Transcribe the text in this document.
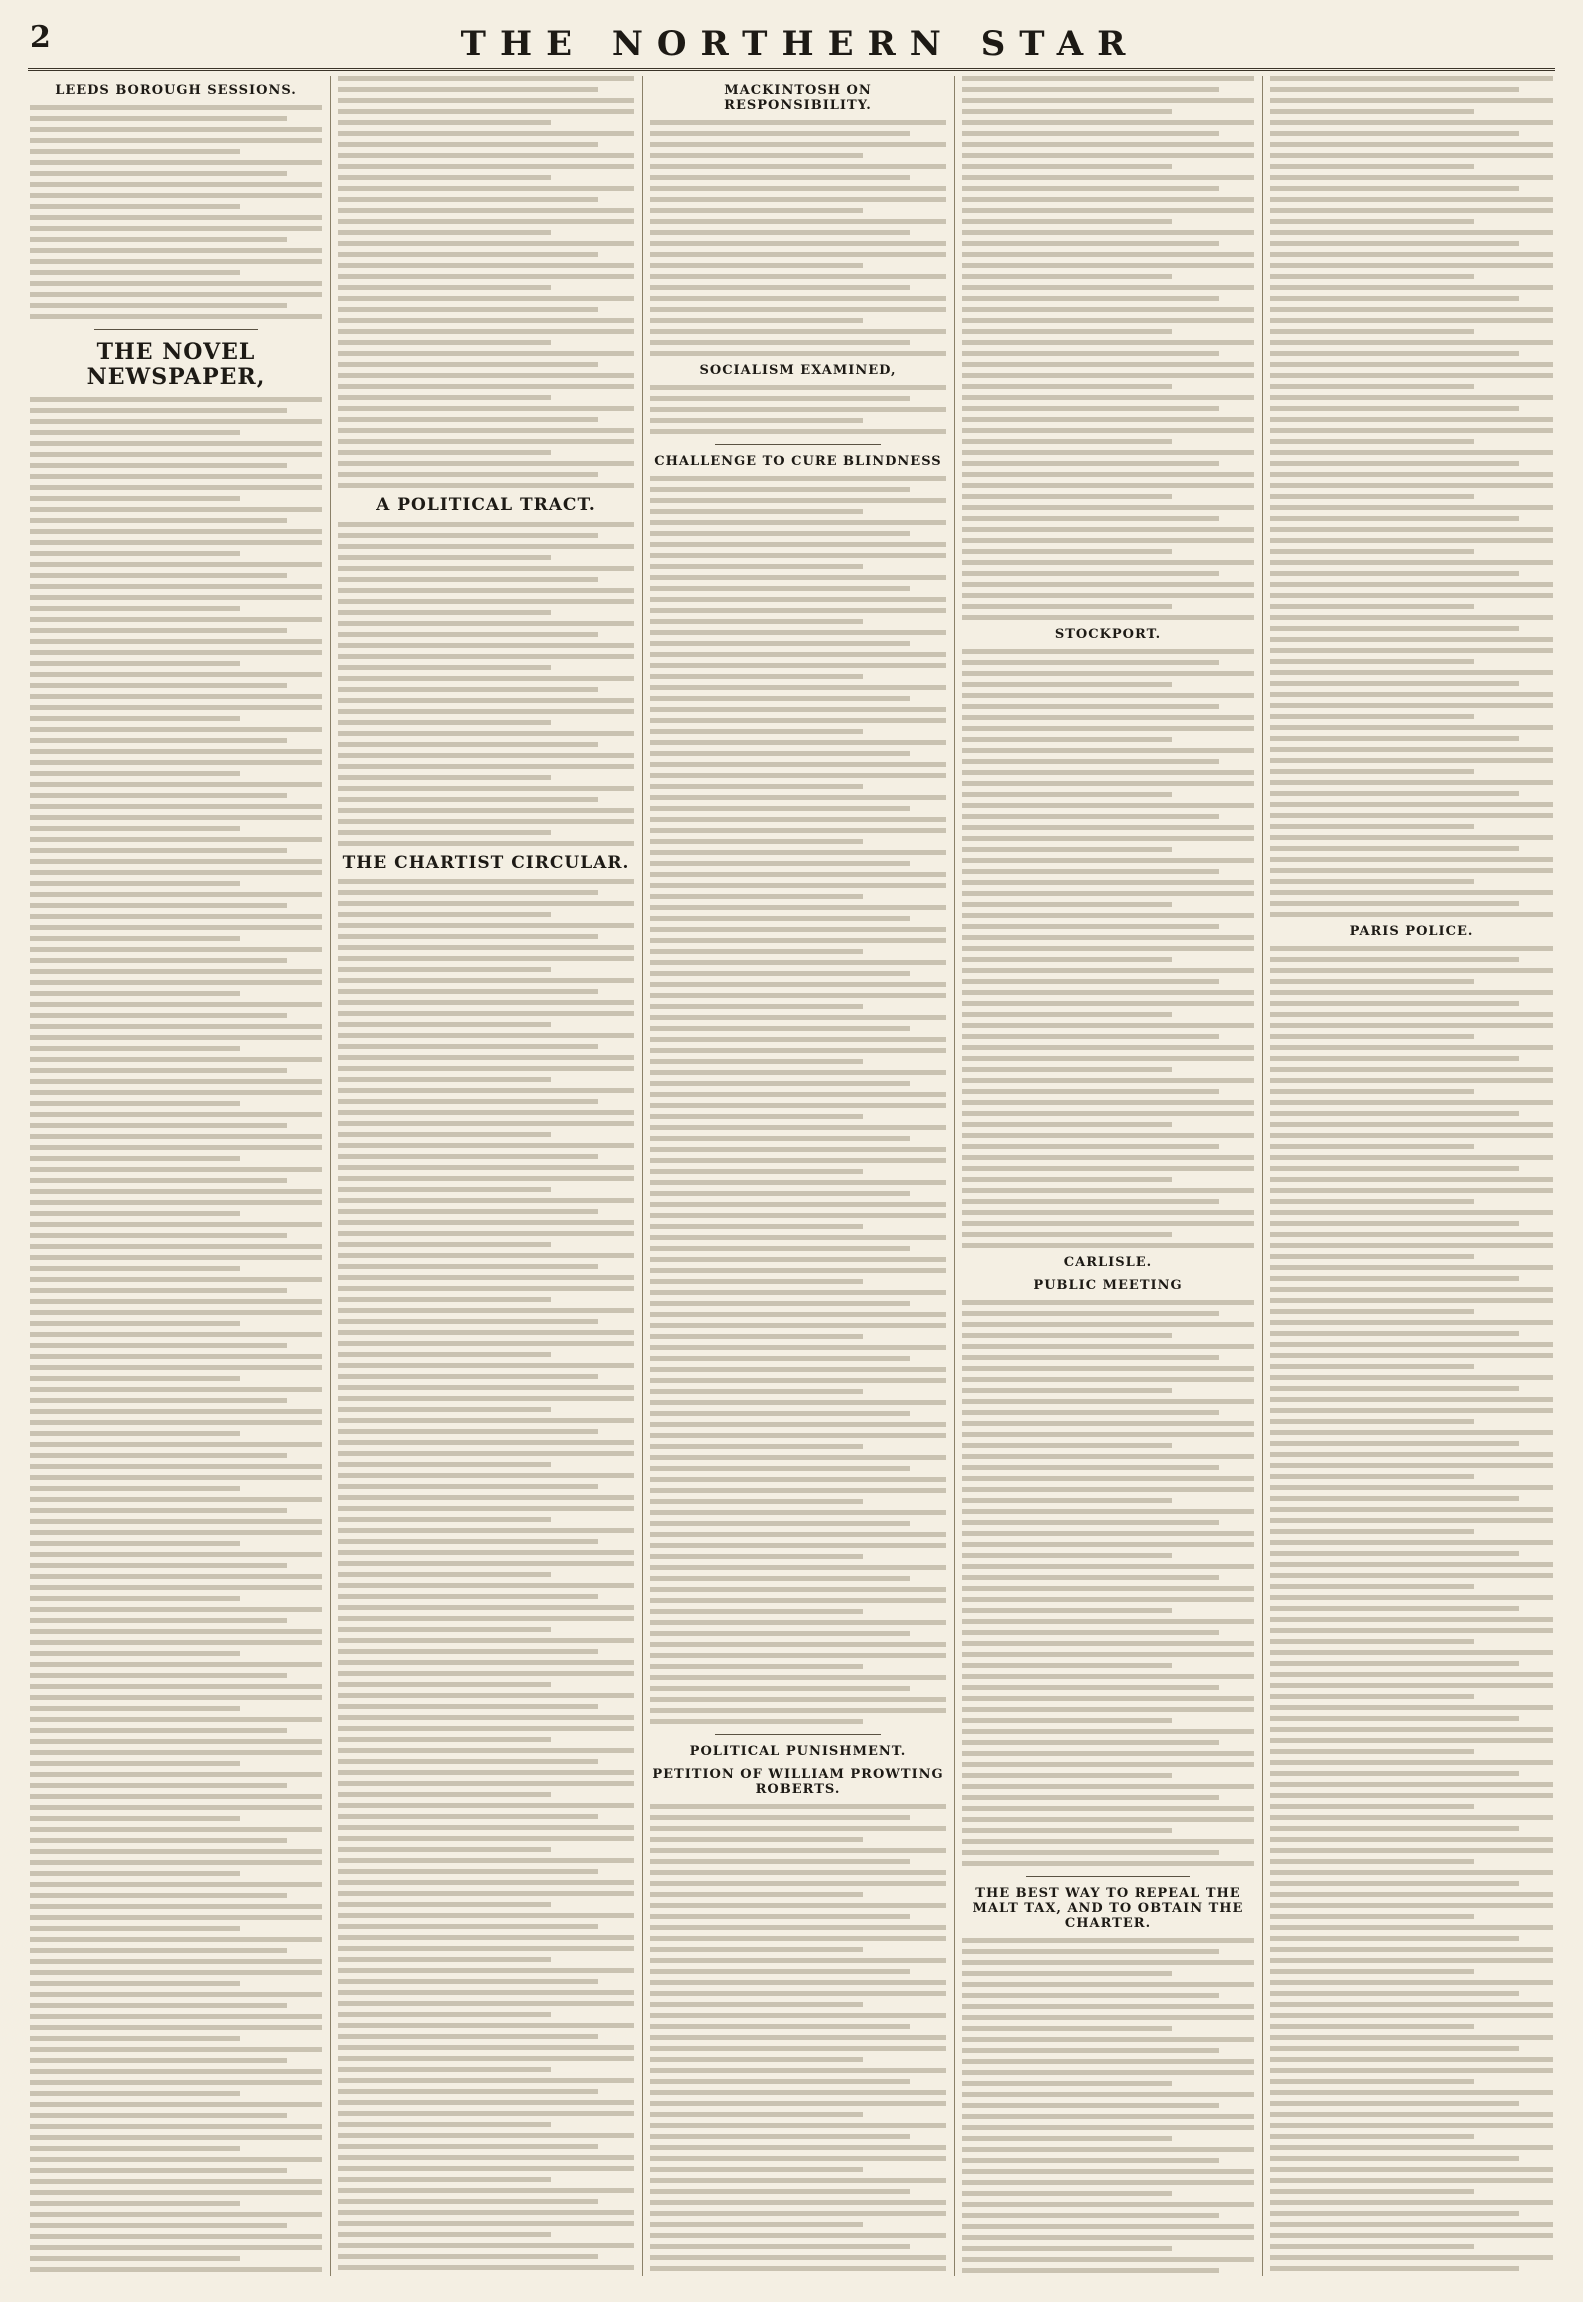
2	THE NORTHERN STAR
LEEDS BOROUGH SESSIONS.
THE NOVEL NEWSPAPER,
A POLITICAL TRACT.
THE CHARTIST CIRCULAR.
MACKINTOSH ON RESPONSIBILITY.
SOCIALISM EXAMINED,
CHALLENGE TO CURE BLINDNESS
POLITICAL PUNISHMENT.
PETITION OF WILLIAM PROWTING ROBERTS.
STOCKPORT.
CARLISLE.
PUBLIC MEETING
THE BEST WAY TO REPEAL THE MALT TAX, AND TO OBTAIN THE CHARTER.
PARIS POLICE.
